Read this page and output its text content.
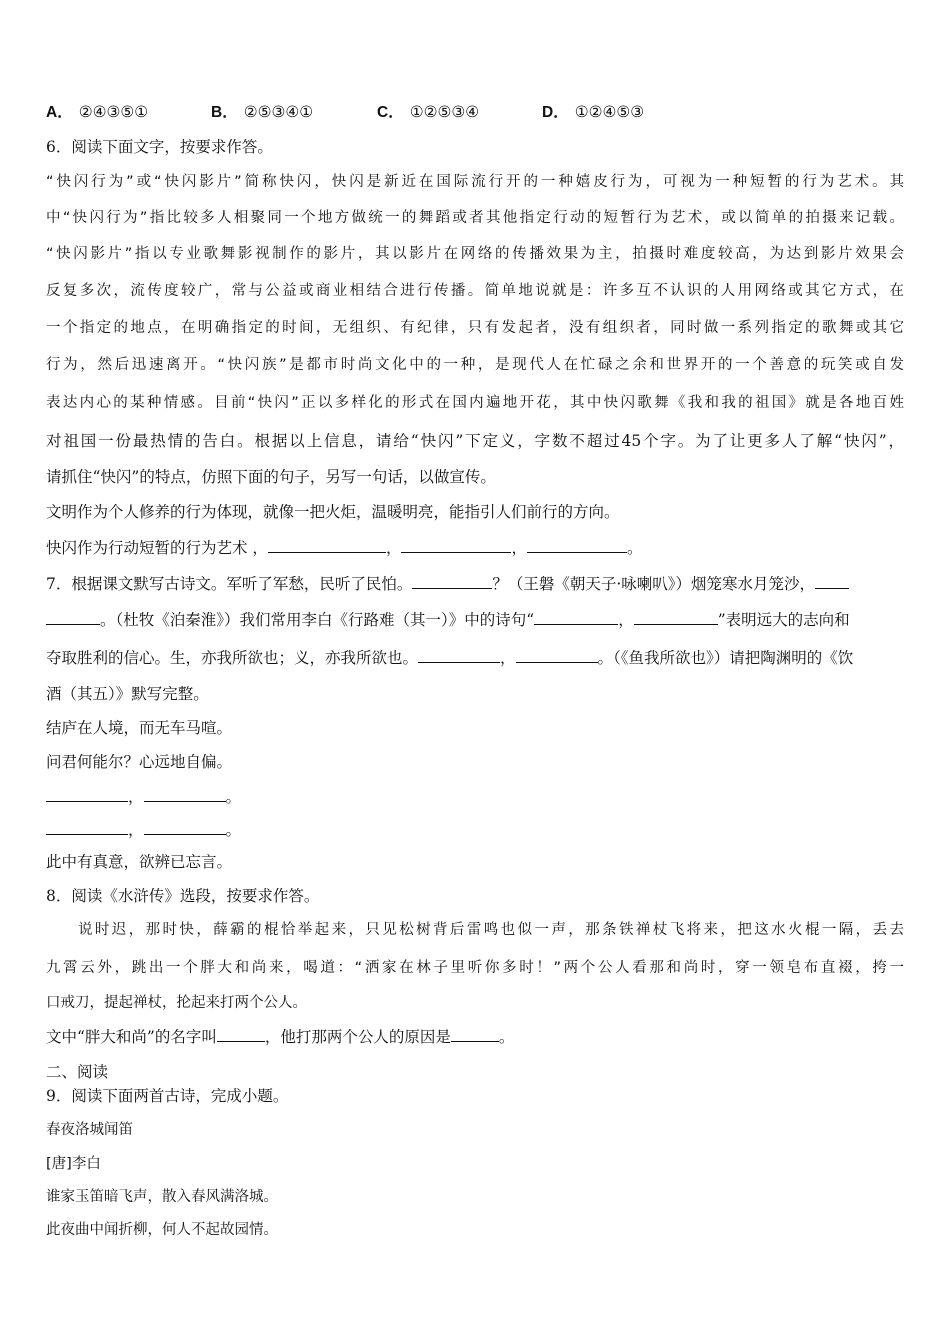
A． ②④③⑤①	B． ②⑤③④①	C． ①②⑤③④	D． ①②④⑤③
6．阅读下面文字，按要求作答。
“快闪行为”或“快闪影片”简称快闪，快闪是新近在国际流行开的一种嬉皮行为，可视为一种短暂的行为艺术。其
中“快闪行为”指比较多人相聚同一个地方做统一的舞蹈或者其他指定行动的短暂行为艺术，或以简单的拍摄来记载。
“快闪影片”指以专业歌舞影视制作的影片，其以影片在网络的传播效果为主，拍摄时难度较高，为达到影片效果会
反复多次，流传度较广，常与公益或商业相结合进行传播。简单地说就是：许多互不认识的人用网络或其它方式，在
一个指定的地点，在明确指定的时间，无组织、有纪律，只有发起者，没有组织者，同时做一系列指定的歌舞或其它
行为，然后迅速离开。“快闪族”是都市时尚文化中的一种，是现代人在忙碌之余和世界开的一个善意的玩笑或自发
表达内心的某种情感。目前“快闪”正以多样化的形式在国内遍地开花，其中快闪歌舞《我和我的祖国》就是各地百姓
对祖国一份最热情的告白。根据以上信息，请给“快闪”下定义，字数不超过45个字。为了让更多人了解“快闪”，
请抓住“快闪”的特点，仿照下面的句子，另写一句话，以做宣传。
文明作为个人修养的行为体现，就像一把火炬，温暖明亮，能指引人们前行的方向。
快闪作为行动短暂的行为艺术 ，	，	，	。
7．根据课文默写古诗文。军听了军愁，民听了民怕。	？（王磐《朝天子·咏喇叭》）烟笼寒水月笼沙，
。（杜牧《泊秦淮》）我们常用李白《行路难（其一）》中的诗句“	，	”表明远大的志向和
夺取胜利的信心。生，亦我所欲也；义，亦我所欲也。	，	。（《鱼我所欲也》）请把陶渊明的《饮
酒（其五）》默写完整。
结庐在人境，而无车马喧。
问君何能尔？心远地自偏。
，	。
，	。
此中有真意，欲辨已忘言。
8．阅读《水浒传》选段，按要求作答。
说时迟，那时快，薛霸的棍恰举起来，只见松树背后雷鸣也似一声，那条铁禅杖飞将来，把这水火棍一隔，丢去
九霄云外，跳出一个胖大和尚来，喝道：“洒家在林子里听你多时！”两个公人看那和尚时，穿一领皂布直裰，挎一
口戒刀，提起禅杖，抡起来打两个公人。
文中“胖大和尚”的名字叫	，他打那两个公人的原因是	。
二、阅读
9．阅读下面两首古诗，完成小题。
春夜洛城闻笛
[唐]李白
谁家玉笛暗飞声，散入春风满洛城。
此夜曲中闻折柳，何人不起故园情。
